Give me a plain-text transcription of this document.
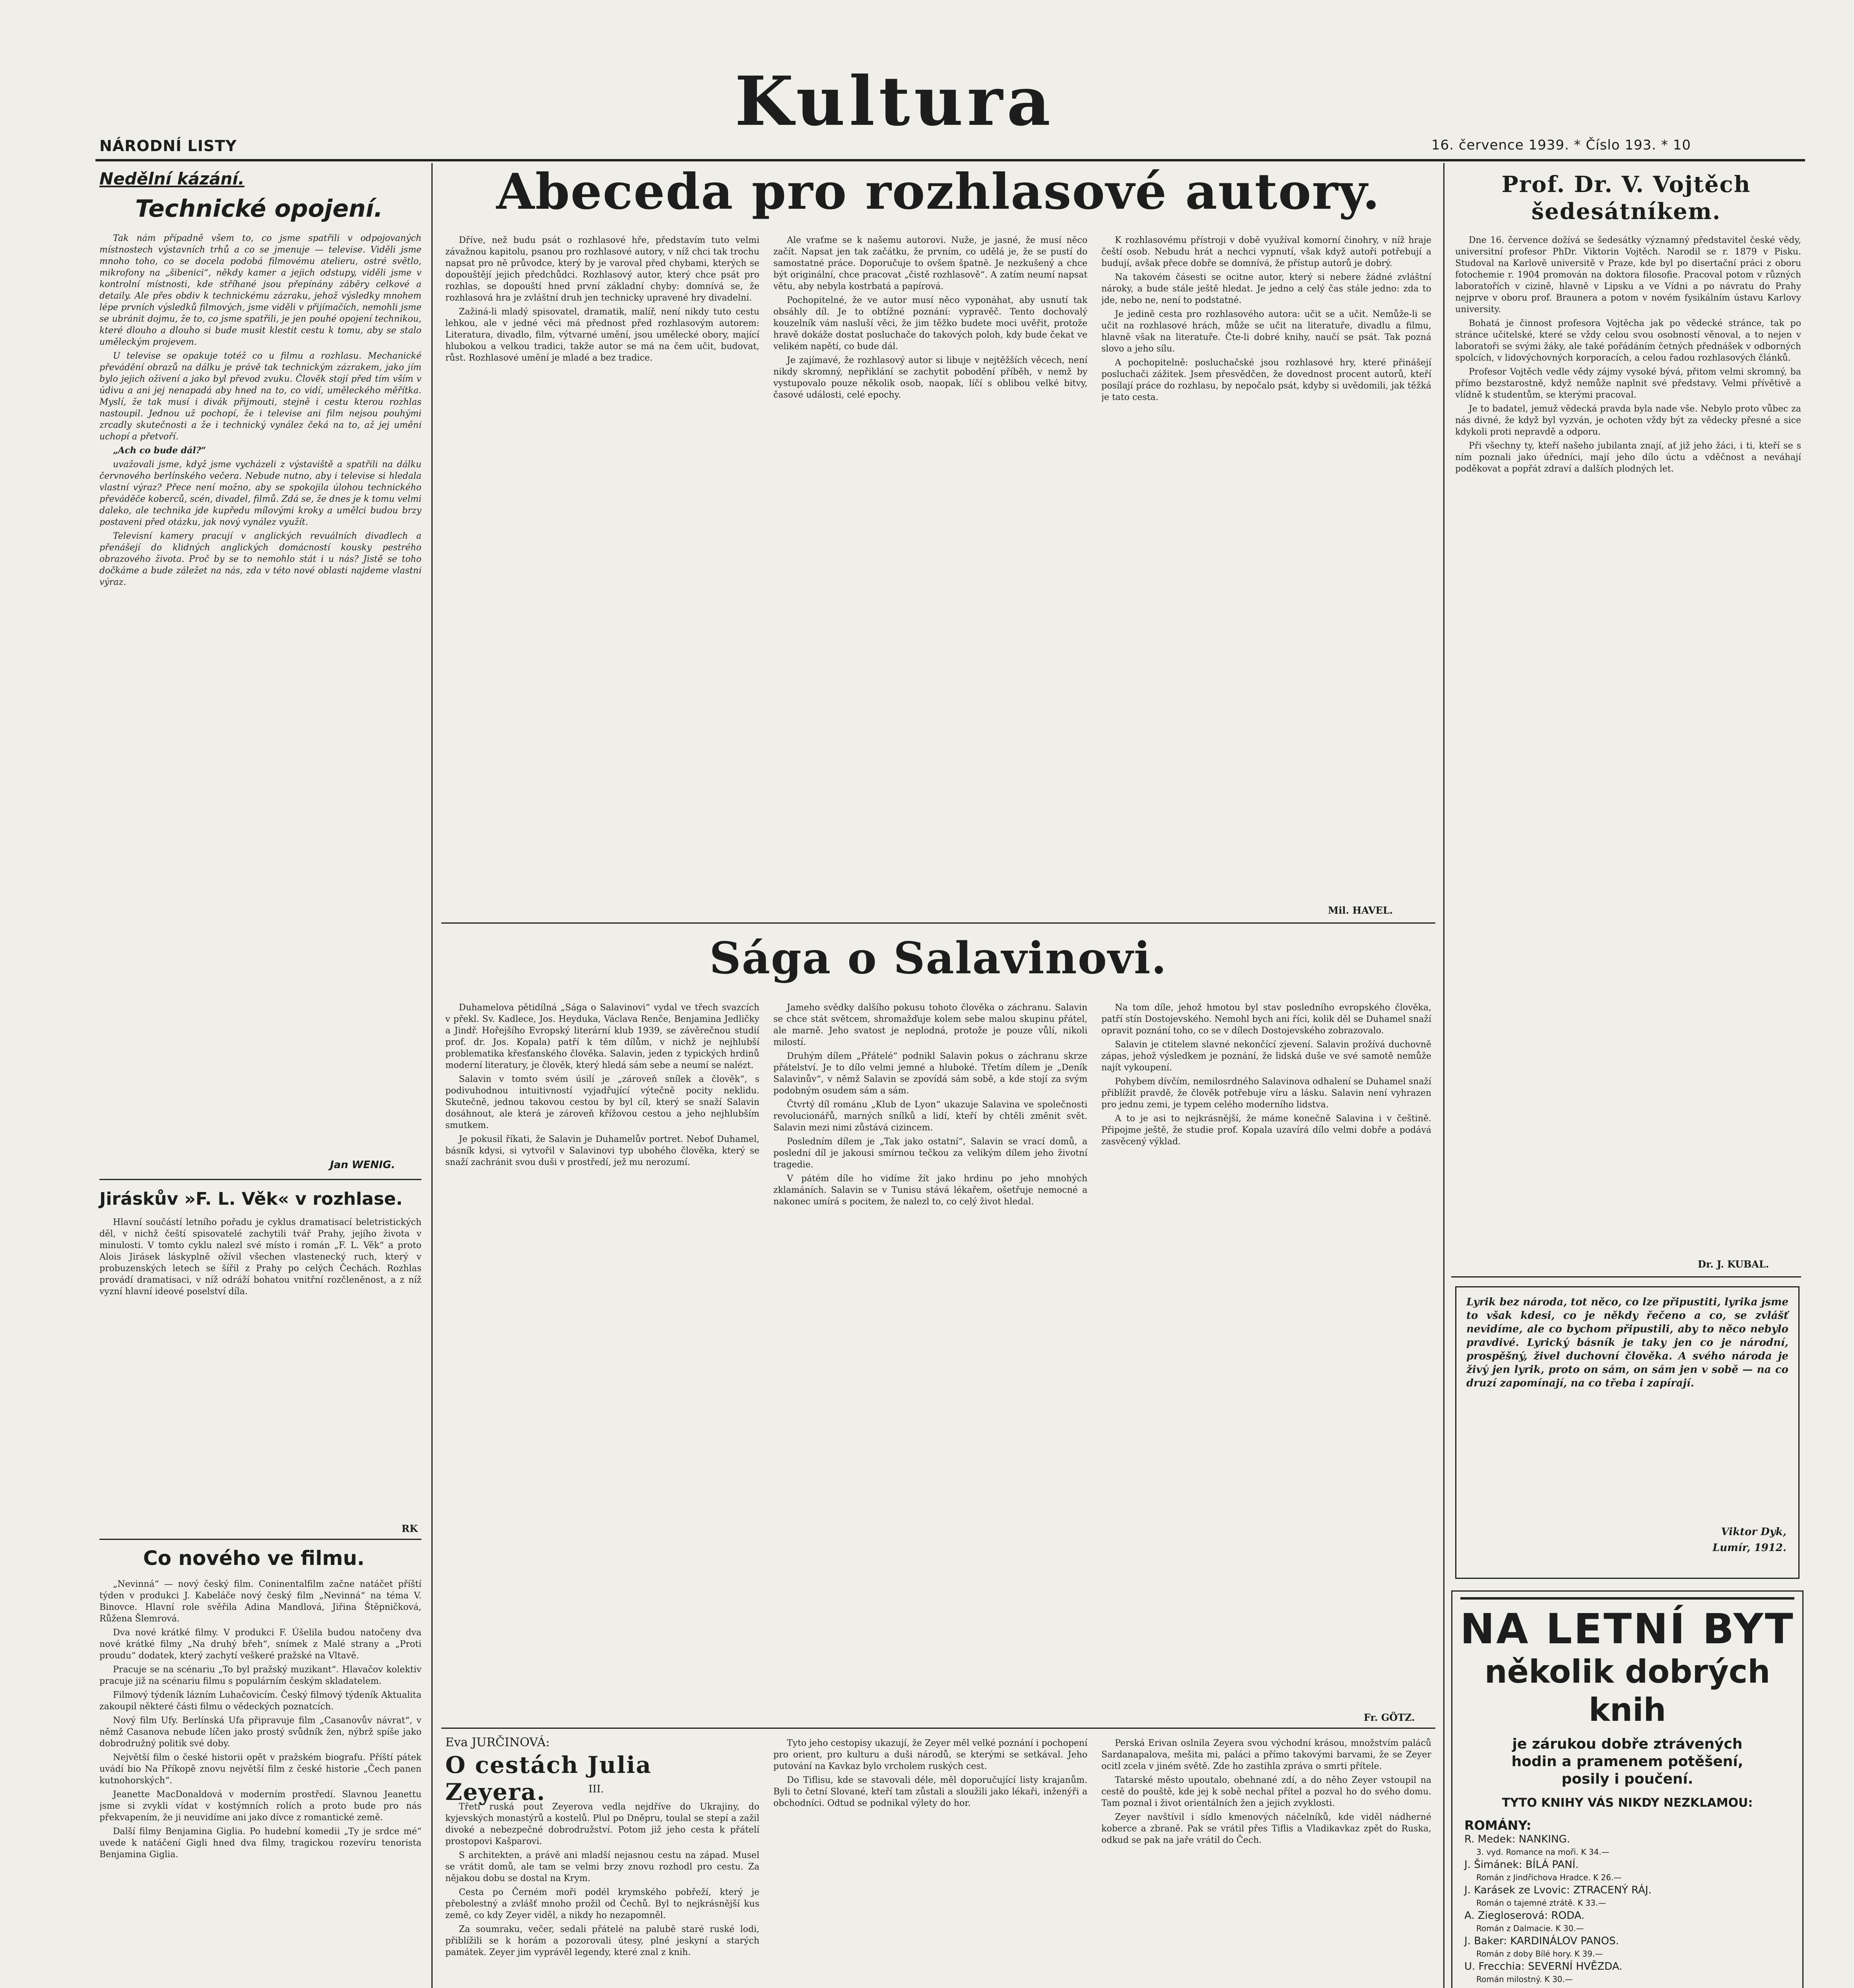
NÁRODNÍ LISTY
Kultura
16. července 1939. * Číslo 193. * 10
Nedělní kázání.
Technické opojení.

Tak nám případně všem to, co jsme spatřili v odpojovaných místnostech výstavních trhů a co se jmenuje — televise. Viděli jsme mnoho toho, co se docela podobá filmovému atelieru, ostré světlo, mikrofony na „šibenici“, někdy kamer a jejich odstupy, viděli jsme v kontrolní místnosti, kde stříhané jsou přepínány záběry celkové a detaily. Ale přes obdiv k technickému zázraku, jehož výsledky mnohem lépe prvních výsledků filmových, jsme viděli v přijímačích, nemohli jsme se ubránit dojmu, že to, co jsme spatřili, je jen pouhé opojení technikou, které dlouho a dlouho si bude musit klestit cestu k tomu, aby se stalo uměleckým projevem.

U televise se opakuje totéž co u filmu a rozhlasu. Mechanické převádění obrazů na dálku je právě tak technickým zázrakem, jako jím bylo jejich oživení a jako byl převod zvuku. Člověk stojí před tím vším v údivu a ani jej nenapadá aby hned na to, co vidí, uměleckého měřítka. Myslí, že tak musí i divák přijmouti, stejně i cestu kterou rozhlas nastoupil. Jednou už pochopí, že i televise ani film nejsou pouhými zrcadly skutečnosti a že i technický vynález čeká na to, až jej umění uchopí a přetvoří.

„Ach co bude dál?“

uvažovali jsme, když jsme vycházeli z výstaviště a spatřili na dálku červnového berlínského večera. Nebude nutno, aby i televise si hledala vlastní výraz? Přece není možno, aby se spokojila úlohou technického převáděče koberců, scén, divadel, filmů. Zdá se, že dnes je k tomu velmi daleko, ale technika jde kupředu mílovými kroky a umělci budou brzy postaveni před otázku, jak nový vynález využít.

Televisní kamery pracují v anglických revuálních divadlech a přenášejí do klidných anglických domácností kousky pestrého obrazového života. Proč by se to nemohlo stát i u nás? Jistě se toho dočkáme a bude záležet na nás, zda v této nové oblasti najdeme vlastní výraz.

Jan WENIG.
Jiráskův »F. L. Věk« v rozhlase.

Hlavní součástí letního pořadu je cyklus dramatisací beletristických děl, v nichž čeští spisovatelé zachytili tvář Prahy, jejího života v minulosti. V tomto cyklu nalezl své místo i román „F. L. Věk“ a proto Alois Jirásek láskyplně ožívil všechen vlastenecký ruch, který v probuzenských letech se šířil z Prahy po celých Čechách. Rozhlas provádí dramatisaci, v níž odráží bohatou vnitřní rozčleněnost, a z níž vyzní hlavní ideové poselství díla.

RK
Co nového ve filmu.

„Nevinná“ — nový český film. Coninentalfilm začne natáčet příští týden v produkci J. Kabeláče nový český film „Nevinná“ na téma V. Binovce. Hlavní role svěřila Adina Mandlová, Jiřina Štěpničková, Růžena Šlemrová.

Dva nové krátké filmy. V produkci F. Úšelila budou natočeny dva nové krátké filmy „Na druhý břeh“, snímek z Malé strany a „Proti proudu“ dodatek, který zachytí veškeré pražské na Vltavě.

Pracuje se na scénariu „To byl pražský muzikant“. Hlavačov kolektiv pracuje již na scénariu filmu s populárním českým skladatelem.

Filmový týdeník lázním Luhačovicím. Český filmový týdeník Aktualita zakoupil některé části filmu o vědeckých poznatcích.

Nový film Ufy. Berlínská Ufa připravuje film „Casanovův návrat“, v němž Casanova nebude líčen jako prostý svůdník žen, nýbrž spíše jako dobrodružný politik své doby.

Největší film o české historii opět v pražském biografu. Příští pátek uvádí bio Na Příkopě znovu největší film z české historie „Čech panen kutnohorských“.

Jeanette MacDonaldová v moderním prostředí. Slavnou Jeanettu jsme si zvykli vídat v kostýmních rolích a proto bude pro nás překvapením, že ji neuvidíme ani jako dívce z romantické země.

Další filmy Benjamina Giglia. Po hudební komedii „Ty je srdce mé“ uvede k natáčení Gigli hned dva filmy, tragickou rozevíru tenorista Benjamina Giglia.

Abeceda pro rozhlasové autory.

Dříve, než budu psát o rozhlasové hře, představím tuto velmi závažnou kapitolu, psanou pro rozhlasové autory, v níž chci tak trochu napsat pro ně průvodce, který by je varoval před chybami, kterých se dopouštějí jejich předchůdci. Rozhlasový autor, který chce psát pro rozhlas, se dopouští hned první základní chyby: domnívá se, že rozhlasová hra je zvláštní druh jen technicky upravené hry divadelní.

Zažiná-li mladý spisovatel, dramatik, malíř, není nikdy tuto cestu lehkou, ale v jedné věci má přednost před rozhlasovým autorem: Literatura, divadlo, film, výtvarné umění, jsou umělecké obory, mající hlubokou a velkou tradici, takže autor se má na čem učit, budovat, růst. Rozhlasové umění je mladé a bez tradice.

Ale vraťme se k našemu autorovi. Nuže, je jasné, že musí něco začít. Napsat jen tak začátku, že prvním, co udělá je, že se pustí do samostatné práce. Doporučuje to ovšem špatně. Je nezkušený a chce být originální, chce pracovat „čistě rozhlasově“. A zatím neumí napsat větu, aby nebyla kostrbatá a papírová.

Pochopitelné, že ve autor musí něco vyponáhat, aby usnutí tak obsáhly díl. Je to obtížné poznání: vypravěč. Tento dochovalý kouzelník vám nasluší věci, že jim těžko budete moci uvěřit, protože hravě dokáže dostat posluchače do takových poloh, kdy bude čekat ve velikém napětí, co bude dál.

Je zajímavé, že rozhlasový autor si libuje v nejtěžších věcech, není nikdy skromný, nepřiklání se zachytit pobodění příběh, v nemž by vystupovalo pouze několik osob, naopak, líčí s oblibou velké bitvy, časové události, celé epochy.

K rozhlasovému přístroji v době využíval komorní činohry, v níž hraje čeští osob. Nebudu hrát a nechci vypnutí, však když autoři potřebují a budují, avšak přece dobře se domnívá, že přístup autorů je dobrý.

Na takovém čásesti se ocitne autor, který si nebere žádné zvláštní nároky, a bude stále ještě hledat. Je jedno a celý čas stále jedno: zda to jde, nebo ne, není to podstatné.

Je jedině cesta pro rozhlasového autora: učit se a učit. Nemůže-li se učit na rozhlasové hrách, může se učit na literatuře, divadlu a filmu, hlavně však na literatuře. Čte-li dobré knihy, naučí se psát. Tak pozná slovo a jeho sílu.

A pochopitelně: posluchačské jsou rozhlasové hry, které přinášejí posluchači zážitek. Jsem přesvědčen, že dovednost procent autorů, kteří posílají práce do rozhlasu, by nepočalo psát, kdyby si uvědomili, jak těžká je tato cesta.

Mil. HAVEL.
Sága o Salavinovi.

Duhamelova pětidílná „Sága o Salavinovi“ vydal ve třech svazcích v překl. Sv. Kadlece, Jos. Heydukа, Václava Renče, Benjamina Jedličky a Jindř. Hořejšího Evropský literární klub 1939, se závěrečnou studií prof. dr. Jos. Kopala) patří k těm dílům, v nichž je nejhlubší problematika křesťanského člověka. Salavin, jeden z typických hrdinů moderní literatury, je člověk, který hledá sám sebe a neumí se nalézt.

Salavin v tomto svém úsilí je „zároveň snílek a člověk“, s podivuhodnou intuitivností vyjadřující výtečně pocity neklidu. Skutečně, jednou takovou cestou by byl cíl, který se snaží Salavin dosáhnout, ale která je zároveň křížovou cestou a jeho nejhlubším smutkem.

Je pokusil říkati, že Salavin je Duhamelův portret. Neboť Duhamel, básník kdysi, si vytvořil v Salavinovi typ ubohého člověka, který se snaží zachránit svou duši v prostředí, jež mu nerozumí.

Jameho svědky dalšího pokusu tohoto člověka o záchranu. Salavin se chce stát světcem, shromažďuje kolem sebe malou skupinu přátel, ale marně. Jeho svatost je neplodná, protože je pouze vůlí, nikoli milostí.

Druhým dílem „Přátelé“ podnikl Salavin pokus o záchranu skrze přátelství. Je to dílo velmi jemné a hluboké. Třetím dílem je „Deník Salavinův“, v němž Salavin se zpovídá sám sobě, a kde stojí za svým podobným osudem sám a sám.

Čtvrtý díl románu „Klub de Lyon“ ukazuje Salavina ve společnosti revolucionářů, marných snílků a lidí, kteří by chtěli změnit svět. Salavin mezi nimi zůstává cizincem.

Posledním dílem je „Tak jako ostatní“, Salavin se vrací domů, a poslední díl je jakousi smírnou tečkou za velikým dílem jeho životní tragedie.

V pátém díle ho vidíme žít jako hrdinu po jeho mnohých zklamáních. Salavin se v Tunisu stává lékařem, ošetřuje nemocné a nakonec umírá s pocitem, že nalezl to, co celý život hledal.

Na tom díle, jehož hmotou byl stav posledního evropského člověka, patří stín Dostojevského. Nemohl bych ani říci, kolik děl se Duhamel snaží opravit poznání toho, co se v dílech Dostojevského zobrazovalo.

Salavin je ctitelem slavné nekončící zjevení. Salavin prožívá duchovně zápas, jehož výsledkem je poznání, že lidská duše ve své samotě nemůže najít vykoupení.

Pohybem dívčím, nemilosrdného Salavinova odhalení se Duhamel snaží přiblížit pravdě, že člověk potřebuje víru a lásku. Salavin není vyhrazen pro jednu zemi, je typem celého moderního lidstva.

A to je asi to nejkrásnější, že máme konečně Salavina i v češtině. Připojme ještě, že studie prof. Kopala uzavírá dílo velmi dobře a podává zasvěcený výklad.

Fr. GÖTZ.
Eva JURČINOVÁ:
O cestách Julia Zeyera.	III.

Třetí ruská pout Zeyerova vedla nejdříve do Ukrajiny, do kyjevských monastýrů a kostelů. Plul po Dněpru, toulal se stepí a zažil divoké a nebezpečné dobrodružství. Potom již jeho cesta k přátelí prostopovi Kašparovi.

S architekten, a právě ani mladší nejasnou cestu na západ. Musel se vrátit domů, ale tam se velmi brzy znovu rozhodl pro cestu. Za nějakou dobu se dostal na Krym.

Cesta po Černém moři podél krymského pobřeží, který je přebolestný a zvlášť mnoho prožil od Čechů. Byl to nejkrásnější kus země, co kdy Zeyer viděl, a nikdy ho nezapomněl.

Za soumraku, večer, sedali přátelé na palubě staré ruské lodi, přiblížili se k horám a pozorovali útesy, plné jeskyní a starých památek. Zeyer jim vyprávěl legendy, které znal z knih.

Tyto jeho cestopisy ukazují, že Zeyer měl velké poznání i pochopení pro orient, pro kulturu a duši národů, se kterými se setkával. Jeho putování na Kavkaz bylo vrcholem ruských cest.

Do Tiflisu, kde se stavovali déle, měl doporučující listy krajanům. Byli to četní Slované, kteří tam zůstali a sloužili jako lékaři, inženýři a obchodníci. Odtud se podnikal výlety do hor.

Perská Erivan oslnila Zeyera svou východní krásou, množstvím paláců Sardanapalova, mešita mi, paláci a přímo takovými barvami, že se Zeyer ocitl zcela v jiném světě. Zde ho zastihla zpráva o smrti přítele.

Tatarské město upoutalo, obehnané zdí, a do něho Zeyer vstoupil na cestě do pouště, kde jej k sobě nechal přítel a pozval ho do svého domu. Tam poznal i život orientálních žen a jejich zvyklosti.

Zeyer navštívil i sídlo kmenových náčelníků, kde viděl nádherné koberce a zbraně. Pak se vrátil přes Tiflis a Vladikavkaz zpět do Ruska, odkud se pak na jaře vrátil do Čech.

Prof. Dr. V. Vojtěch šedesátníkem.

Dne 16. července dožívá se šedesátky významný představitel české vědy, universitní profesor PhDr. Viktorin Vojtěch. Narodil se r. 1879 v Pisku. Studoval na Karlově universitě v Praze, kde byl po disertační práci z oboru fotochemie r. 1904 promován na doktora filosofie. Pracoval potom v různých laboratořích v cizině, hlavně v Lipsku a ve Vídni a po návratu do Prahy nejprve v oboru prof. Braunera a potom v novém fysikálním ústavu Karlovy university.

Bohatá je činnost profesora Vojtěcha jak po vědecké stránce, tak po stránce učitelské, které se vždy celou svou osobností věnoval, a to nejen v laboratoři se svými žáky, ale také pořádáním četných přednášek v odborných spolcích, v lidovýchovných korporacích, a celou řadou rozhlasových článků.

Profesor Vojtěch vedle vědy zájmy vysoké bývá, přitom velmi skromný, ba přímo bezstarostně, když nemůže naplnit své představy. Velmi přívětivě a vlídně k studentům, se kterými pracoval.

Je to badatel, jemuž vědecká pravda byla nade vše. Nebylo proto vůbec za nás divné, že když byl vyzván, je ochoten vždy být za vědecky přesné a sice kdykoli proti nepravdě a odporu.

Při všechny ty, kteří našeho jubilanta znají, ať již jeho žáci, i ti, kteří se s ním poznali jako úředníci, mají jeho dílo úctu a vděčnost a neváhají poděkovat a popřát zdraví a dalších plodných let.

Dr. J. KUBAL.
Lyrik bez národa, tot něco, co lze připustiti, lyrika jsme to však kdesi, co je někdy řečeno a co, se zvlášť nevidíme, ale co bychom připustili, aby to něco nebylo pravdivé. Lyrický básník je taky jen co je národní, prospěšný, živel duchovní člověka. A svého národa je živý jen lyrik, proto on sám, on sám jen v sobě — na co druzí zapomínají, na co třeba i zapírají.
Viktor Dyk,
Lumír, 1912.
NA LETNÍ BYT
několik dobrých knih
je zárukou dobře ztrávených
hodin a pramenem potěšení,
posily i poučení.
TYTO KNIHY VÁS NIKDY NEZKLAMOU:
ROMÁNY:
R. Medek: NANKING.
3. vyd. Romance na moři. K 34.—
J. Šimánek: BÍLÁ PANÍ.
Román z Jindřichova Hradce. K 26.—
J. Karásek ze Lvovic: ZTRACENÝ RÁJ.
Román o tajemné ztrátě. K 33.—
A. Ziegloserová: RODA.
Román z Dalmacie. K 30.—
J. Baker: KARDINÁLOV PANOS.
Román z doby Bílé hory. K 39.—
U. Frecchia: SEVERNÍ HVĚZDA.
Román milostný. K 30.—
